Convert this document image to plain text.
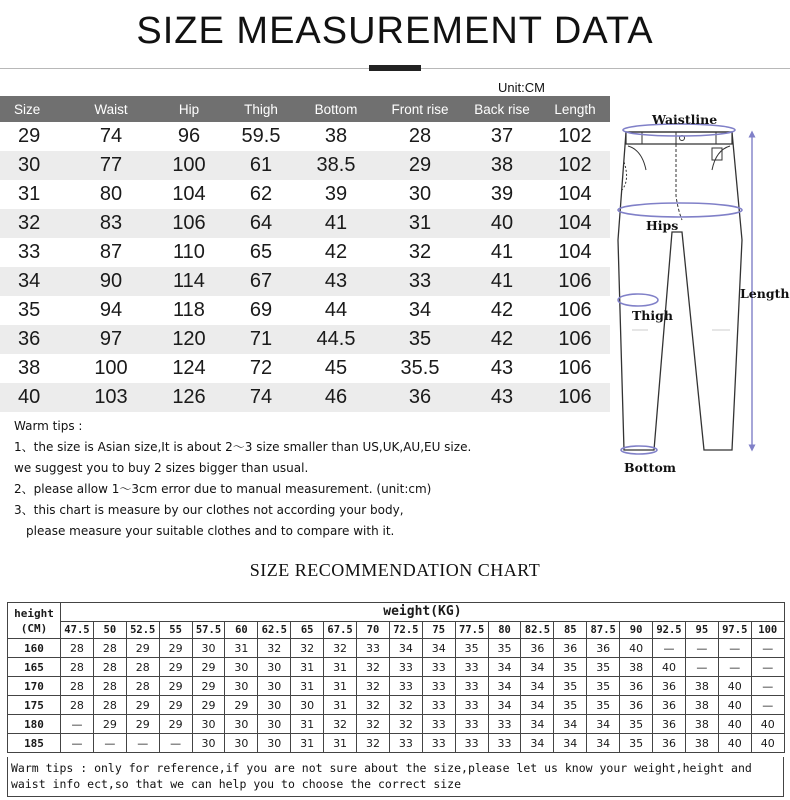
SIZE MEASUREMENT DATA
Unit:CM
Size	Waist	Hip	Thigh	Bottom	Front rise	Back rise	Length
29	74	96	59.5	38	28	37	102
30	77	100	61	38.5	29	38	102
31	80	104	62	39	30	39	104
32	83	106	64	41	31	40	104
33	87	110	65	42	32	41	104
34	90	114	67	43	33	41	106
35	94	118	69	44	34	42	106
36	97	120	71	44.5	35	42	106
38	100	124	72	45	35.5	43	106
40	103	126	74	46	36	43	106
Warm tips :
1、the size is Asian size,It is about 2～3 size smaller than US,UK,AU,EU size.
we suggest you to buy 2 sizes bigger than usual.
2、please allow 1～3cm error due to manual measurement. (unit:cm)
3、this chart is measure by our clothes not according your body,
please measure your suitable clothes and to compare with it.
Waistline
Hips
Thigh
Length
Bottom
SIZE RECOMMENDATION CHART
height
(CM)	weight(KG)																					
	47.5	50	52.5	55	57.5	60	62.5	65	67.5	70	72.5	75	77.5	80	82.5	85	87.5	90	92.5	95	97.5	100
160	28	28	29	29	30	31	32	32	32	33	34	34	35	35	36	36	36	40	—	—	—	—
165	28	28	28	29	29	30	30	31	31	32	33	33	33	34	34	35	35	38	40	—	—	—
170	28	28	28	29	29	30	30	31	31	32	33	33	33	34	34	35	35	36	36	38	40	—
175	28	28	29	29	29	29	30	30	31	32	32	33	33	34	34	35	35	36	36	38	40	—
180	—	29	29	29	30	30	30	31	32	32	32	33	33	33	34	34	34	35	36	38	40	40
185	—	—	—	—	30	30	30	31	31	32	33	33	33	33	34	34	34	35	36	38	40	40
Warm tips : only for reference,if you are not sure about the size,please let us know your weight,height and waist info ect,so that we can help you to choose the correct size
